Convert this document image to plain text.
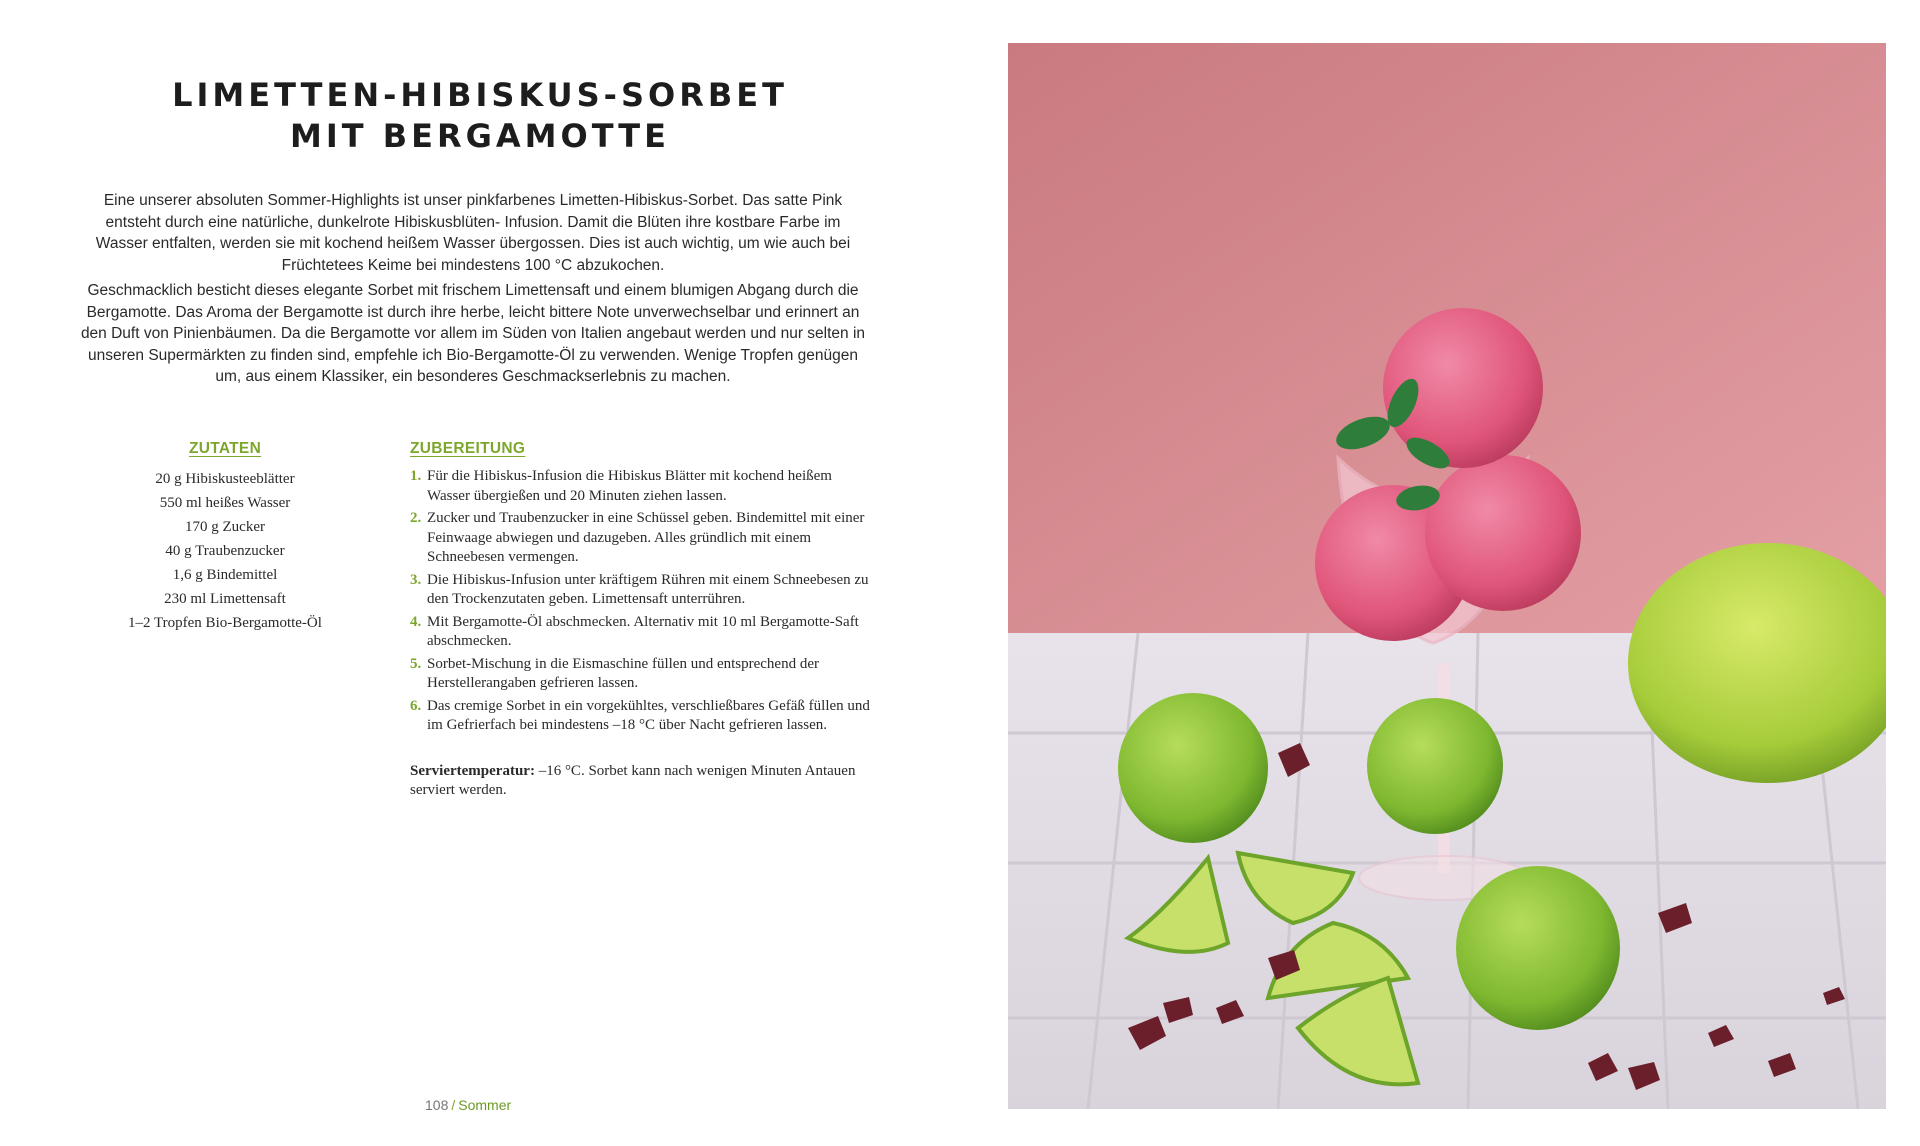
LIMETTEN-HIBISKUS-SORBET
MIT BERGAMOTTE

Eine unserer absoluten Sommer-Highlights ist unser pinkfarbenes Limetten-Hibiskus-Sorbet. Das satte Pink entsteht durch eine natürliche, dunkelrote Hibiskusblüten- Infusion. Damit die Blüten ihre kostbare Farbe im Wasser entfalten, werden sie mit kochend heißem Wasser übergossen. Dies ist auch wichtig, um wie auch bei Früchtetees Keime bei mindestens 100 °C abzukochen.

Geschmacklich besticht dieses elegante Sorbet mit frischem Limettensaft und einem blumigen Abgang durch die Bergamotte. Das Aroma der Bergamotte ist durch ihre herbe, leicht bittere Note unverwechselbar und erinnert an den Duft von Pinienbäumen. Da die Bergamotte vor allem im Süden von Italien angebaut werden und nur selten in unseren Supermärkten zu finden sind, empfehle ich Bio-Bergamotte-Öl zu verwenden. Wenige Tropfen genügen um, aus einem Klassiker, ein besonderes Geschmackserlebnis zu machen.

ZUTATEN
20 g Hibiskusteeblätter
550 ml heißes Wasser
170 g Zucker
40 g Traubenzucker
1,6 g Bindemittel
230 ml Limettensaft
1–2 Tropfen Bio-Bergamotte-Öl
ZUBEREITUNG
1. Für die Hibiskus-Infusion die Hibiskus Blätter mit kochend heißem Wasser übergießen und 20 Minuten ziehen lassen.
2. Zucker und Traubenzucker in eine Schüssel geben. Bindemittel mit einer Feinwaage abwiegen und dazugeben. Alles gründlich mit einem Schneebesen vermengen.
3. Die Hibiskus-Infusion unter kräftigem Rühren mit einem Schneebesen zu den Trockenzutaten geben. Limettensaft unterrühren.
4. Mit Bergamotte-Öl abschmecken. Alternativ mit 10 ml Bergamotte-Saft abschmecken.
5. Sorbet-Mischung in die Eismaschine füllen und entsprechend der Herstellerangaben gefrieren lassen.
6. Das cremige Sorbet in ein vorgekühltes, verschließbares Gefäß füllen und im Gefrierfach bei mindestens –18 °C über Nacht gefrieren lassen.

Serviertemperatur: –16 °C. Sorbet kann nach wenigen Minuten Antauen serviert werden.

108 / Sommer
